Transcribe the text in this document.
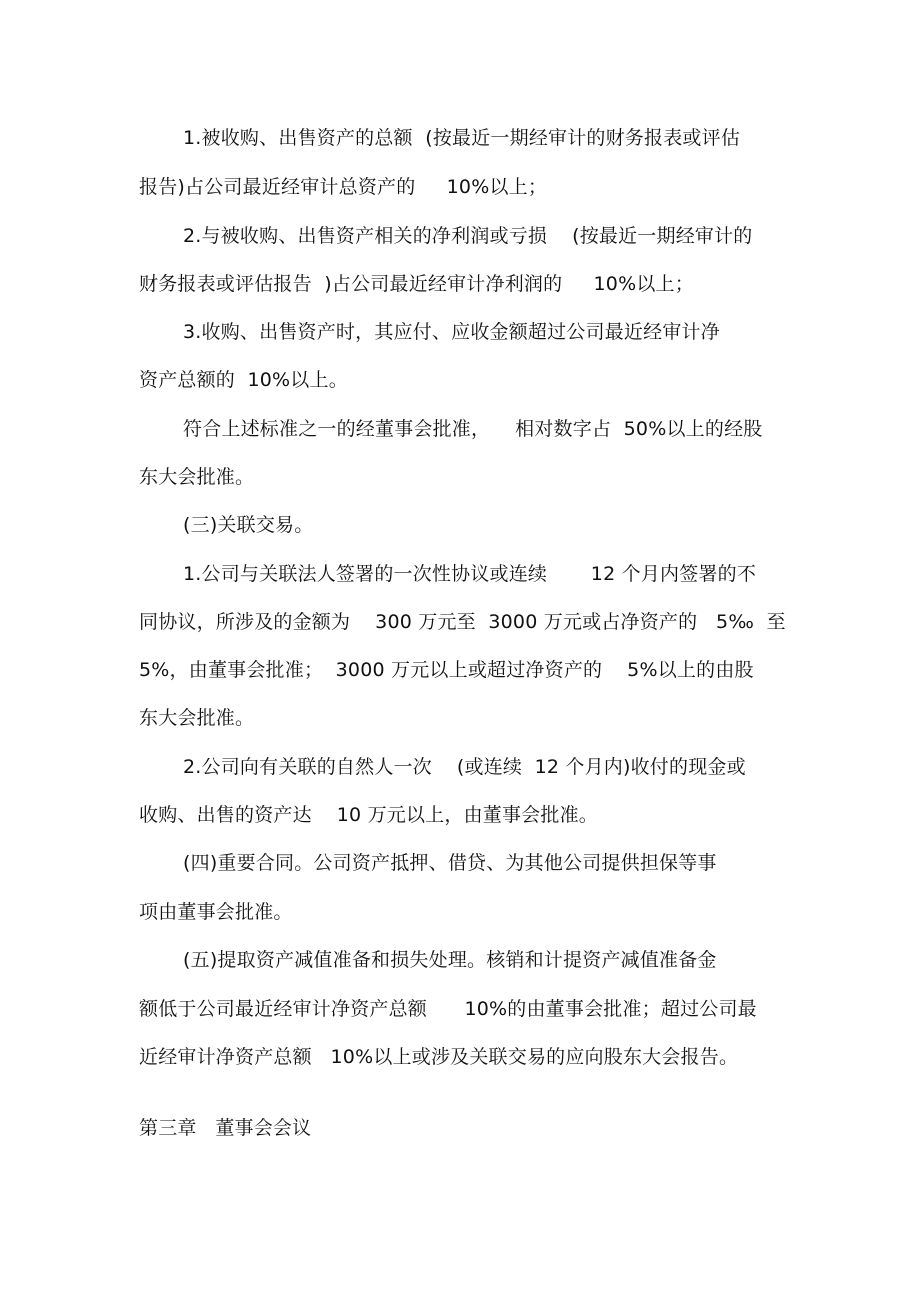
1.被收购、出售资产的总额  (按最近一期经审计的财务报表或评估
报告)占公司最近经审计总资产的     10%以上；
2.与被收购、出售资产相关的净利润或亏损    (按最近一期经审计的
财务报表或评估报告  )占公司最近经审计净利润的     10%以上；
3.收购、出售资产时，其应付、应收金额超过公司最近经审计净
资产总额的  10%以上。
符合上述标准之一的经董事会批准，    相对数字占  50%以上的经股
东大会批准。
(三)关联交易。
1.公司与关联法人签署的一次性协议或连续       12 个月内签署的不
同协议，所涉及的金额为    300 万元至  3000 万元或占净资产的   5‰  至
5%，由董事会批准；  3000 万元以上或超过净资产的    5%以上的由股
东大会批准。
2.公司向有关联的自然人一次    (或连续  12 个月内)收付的现金或
收购、出售的资产达    10 万元以上，由董事会批准。
(四)重要合同。公司资产抵押、借贷、为其他公司提供担保等事
项由董事会批准。
(五)提取资产减值准备和损失处理。核销和计提资产减值准备金
额低于公司最近经审计净资产总额      10%的由董事会批准；超过公司最
近经审计净资产总额   10%以上或涉及关联交易的应向股东大会报告。
第三章   董事会会议
